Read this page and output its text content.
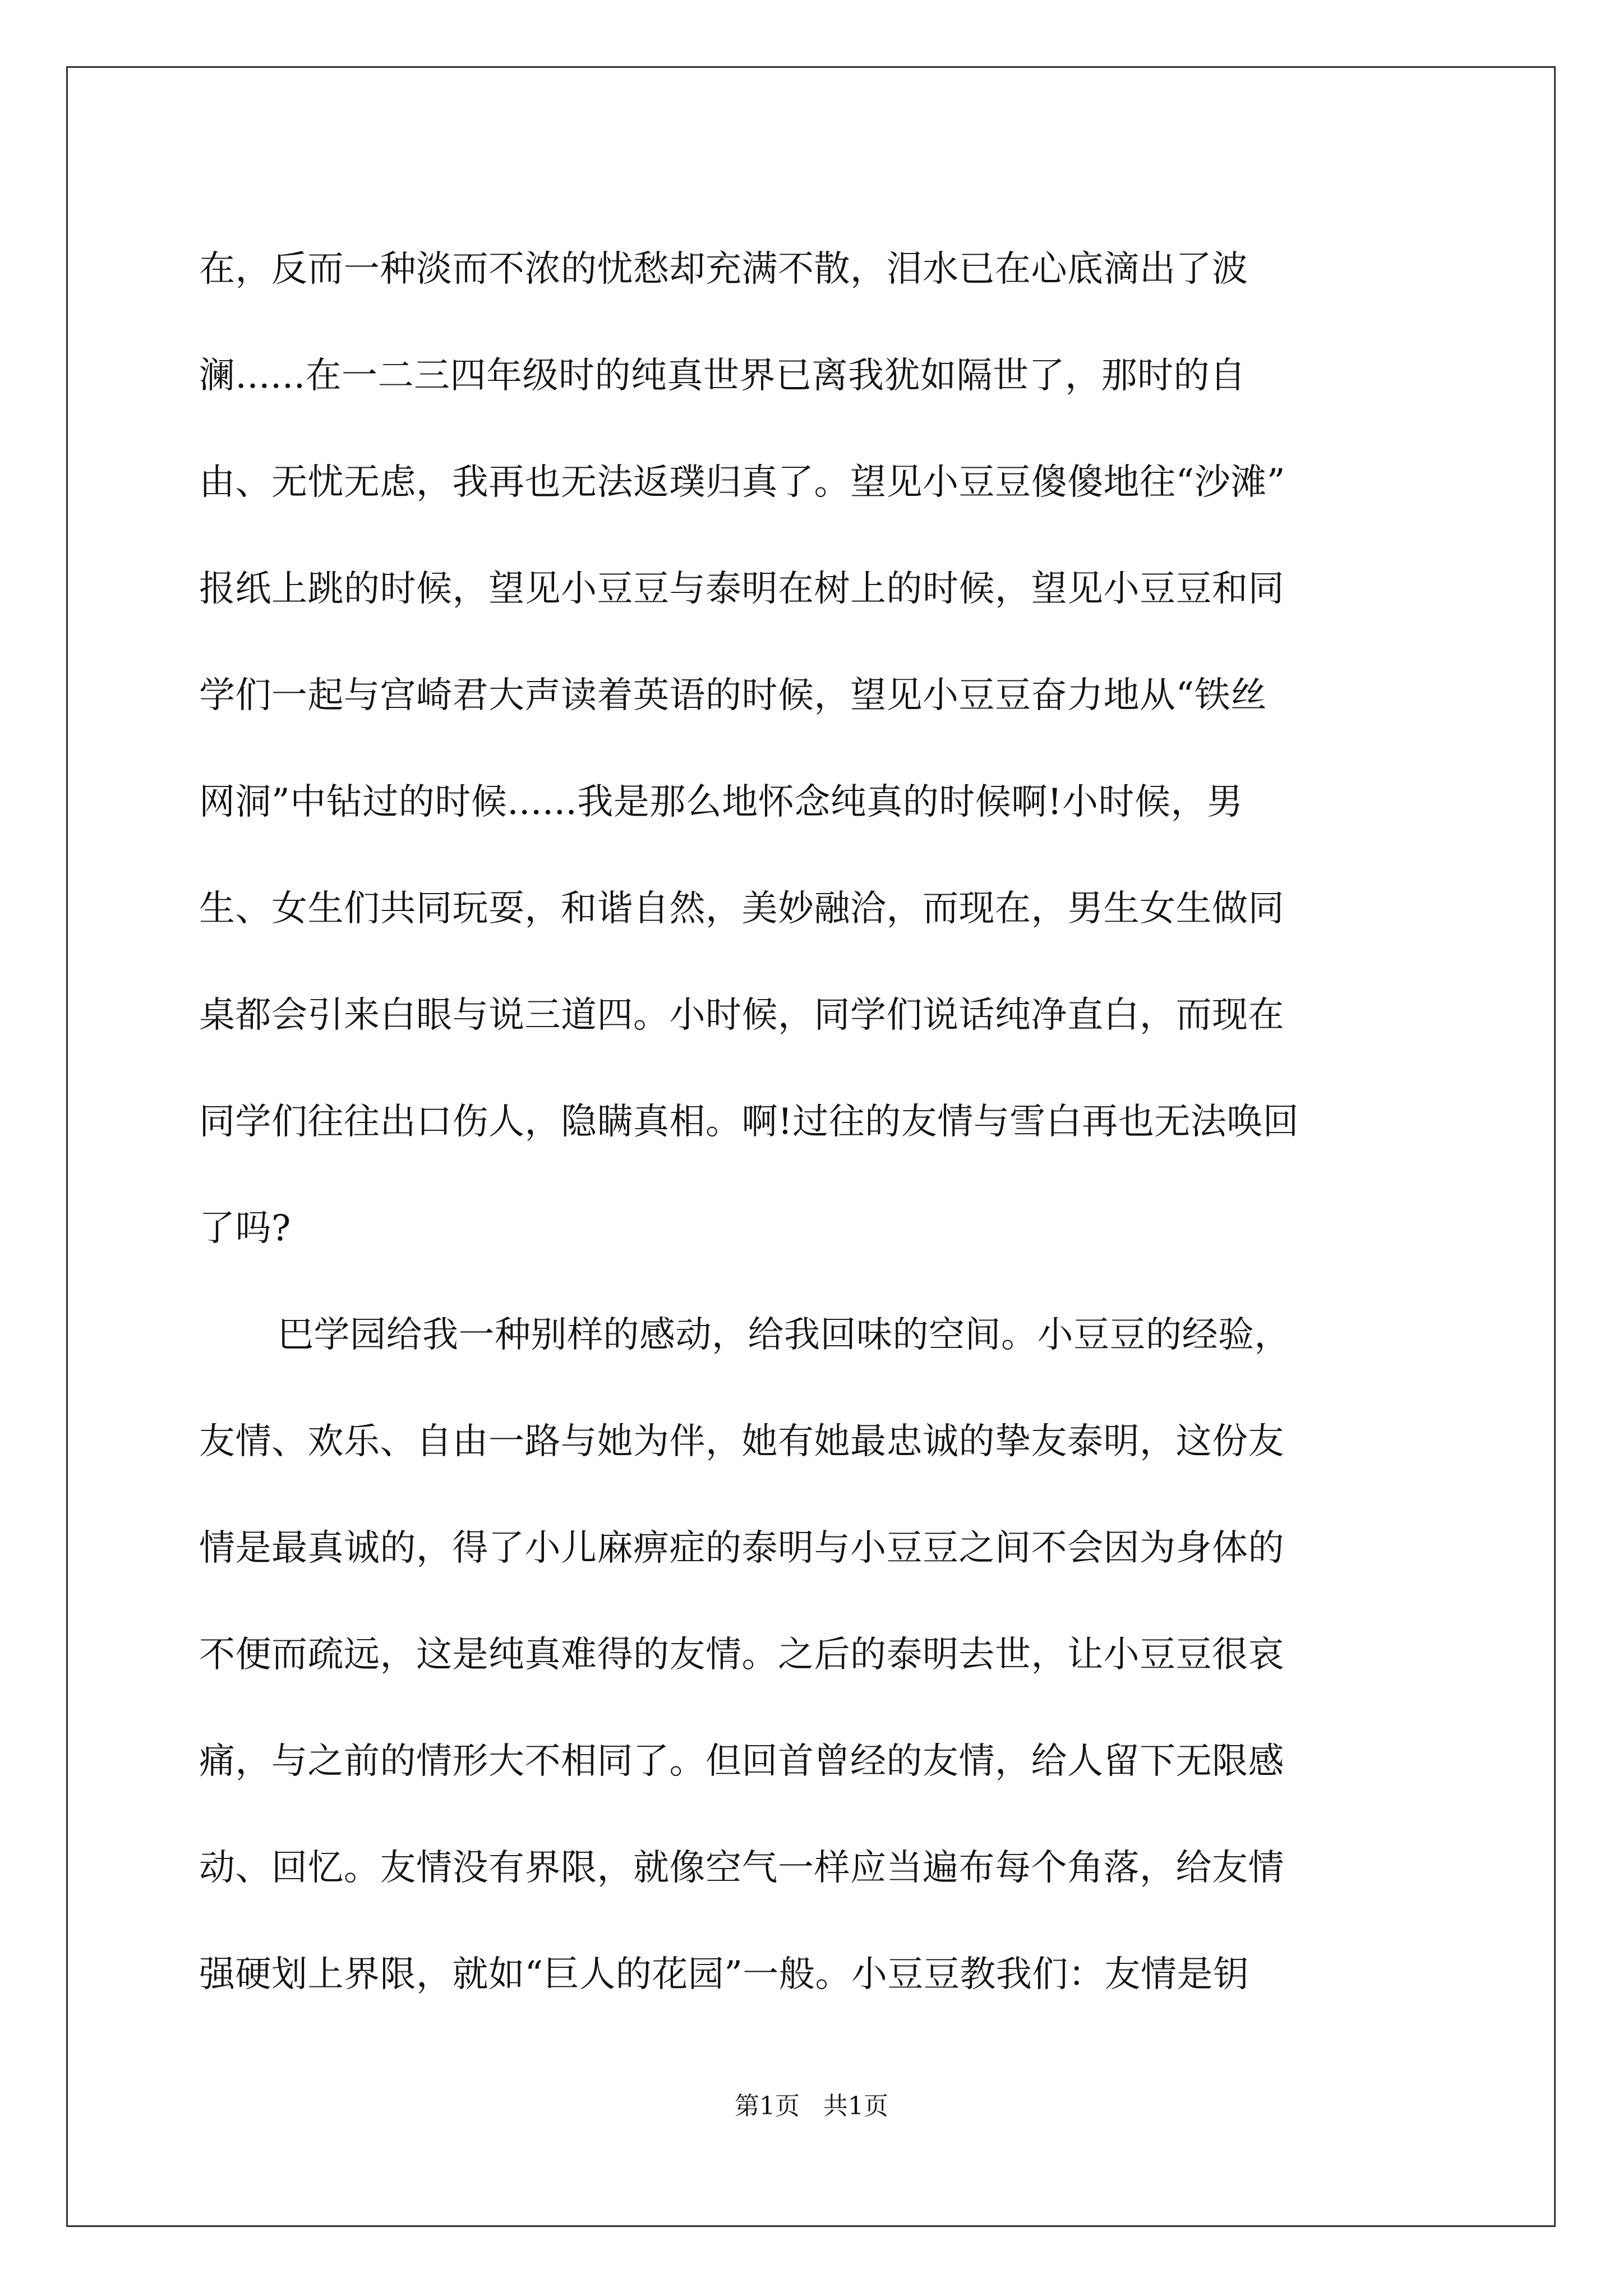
在，反而一种淡而不浓的忧愁却充满不散，泪水已在心底滴出了波
澜......在一二三四年级时的纯真世界已离我犹如隔世了，那时的自
由、无忧无虑，我再也无法返璞归真了。望见小豆豆傻傻地往“沙滩”
报纸上跳的时候，望见小豆豆与泰明在树上的时候，望见小豆豆和同
学们一起与宫崎君大声读着英语的时候，望见小豆豆奋力地从“铁丝
网洞”中钻过的时候......我是那么地怀念纯真的时候啊!小时候，男
生、女生们共同玩耍，和谐自然，美妙融洽，而现在，男生女生做同
桌都会引来白眼与说三道四。小时候，同学们说话纯净直白，而现在
同学们往往出口伤人，隐瞒真相。啊!过往的友情与雪白再也无法唤回
了吗?
巴学园给我一种别样的感动，给我回味的空间。小豆豆的经验，
友情、欢乐、自由一路与她为伴，她有她最忠诚的挚友泰明，这份友
情是最真诚的，得了小儿麻痹症的泰明与小豆豆之间不会因为身体的
不便而疏远，这是纯真难得的友情。之后的泰明去世，让小豆豆很哀
痛，与之前的情形大不相同了。但回首曾经的友情，给人留下无限感
动、回忆。友情没有界限，就像空气一样应当遍布每个角落，给友情
强硬划上界限，就如“巨人的花园”一般。小豆豆教我们：友情是钥
第1页   共1页
